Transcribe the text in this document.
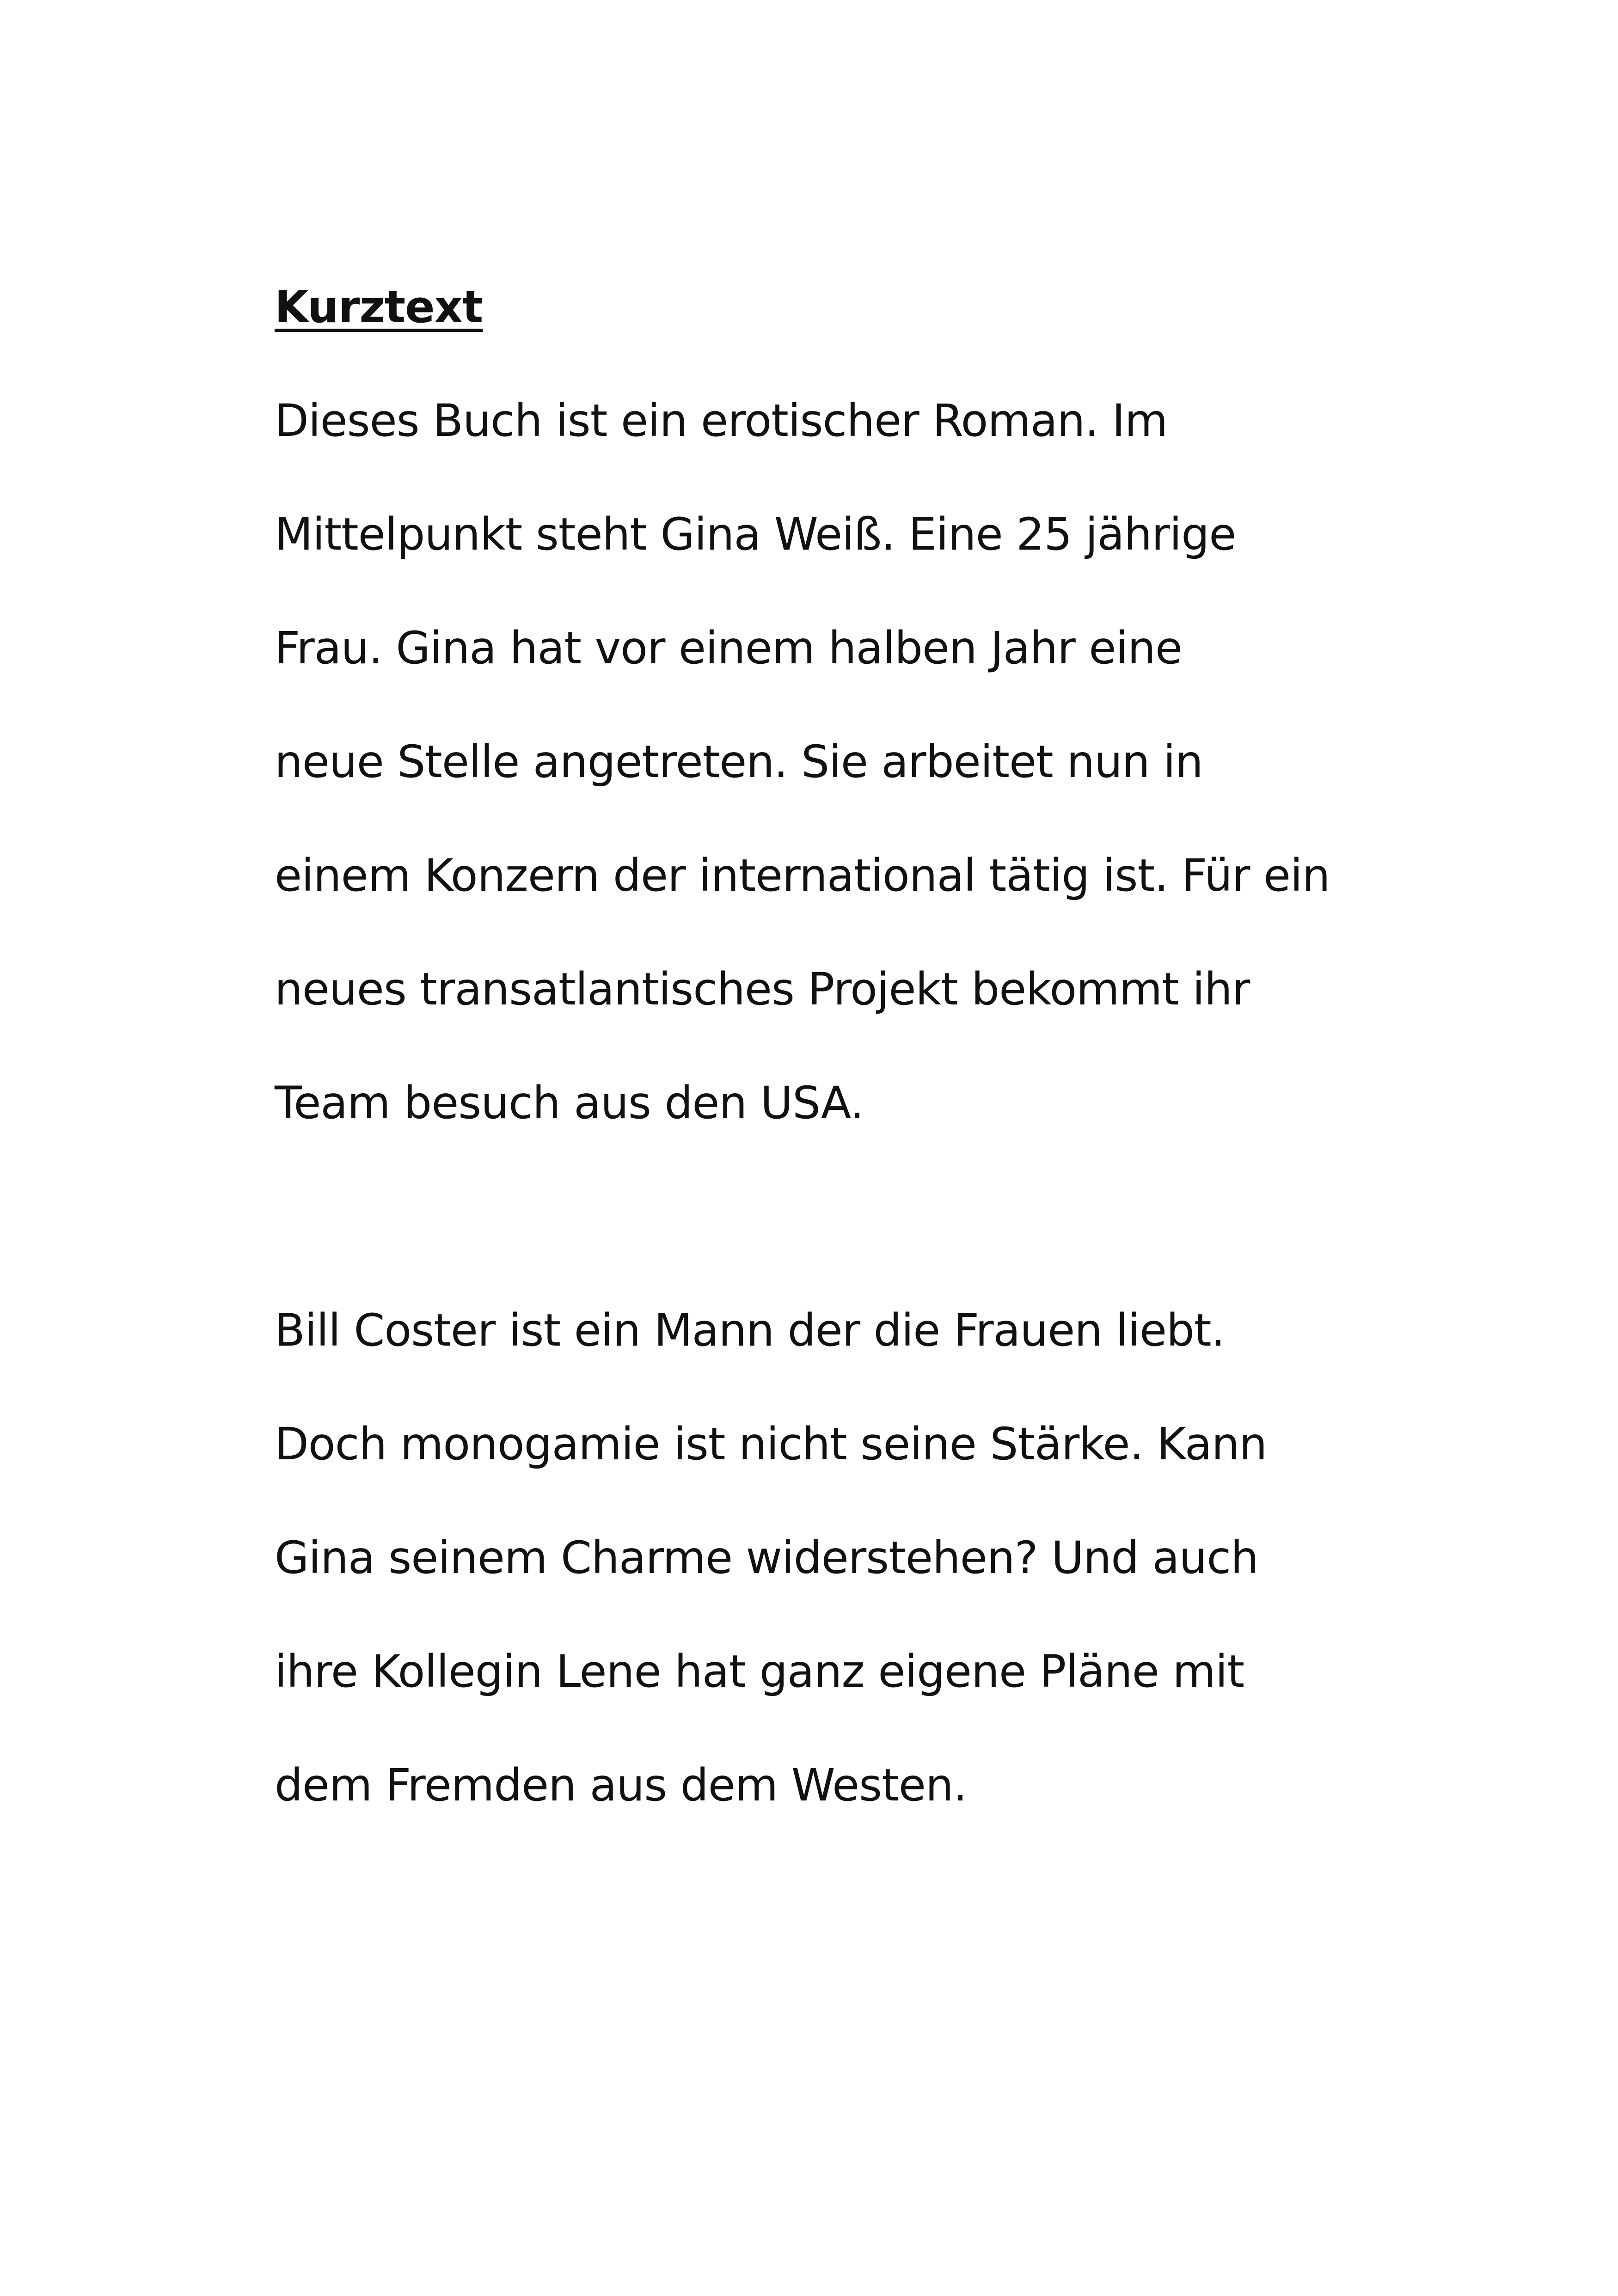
Kurztext

Dieses Buch ist ein erotischer Roman. Im
Mittelpunkt steht Gina Weiß. Eine 25 jährige
Frau. Gina hat vor einem halben Jahr eine
neue Stelle angetreten. Sie arbeitet nun in
einem Konzern der international tätig ist. Für ein
neues transatlantisches Projekt bekommt ihr
Team besuch aus den USA.

Bill Coster ist ein Mann der die Frauen liebt.
Doch monogamie ist nicht seine Stärke. Kann
Gina seinem Charme widerstehen? Und auch
ihre Kollegin Lene hat ganz eigene Pläne mit
dem Fremden aus dem Westen.
